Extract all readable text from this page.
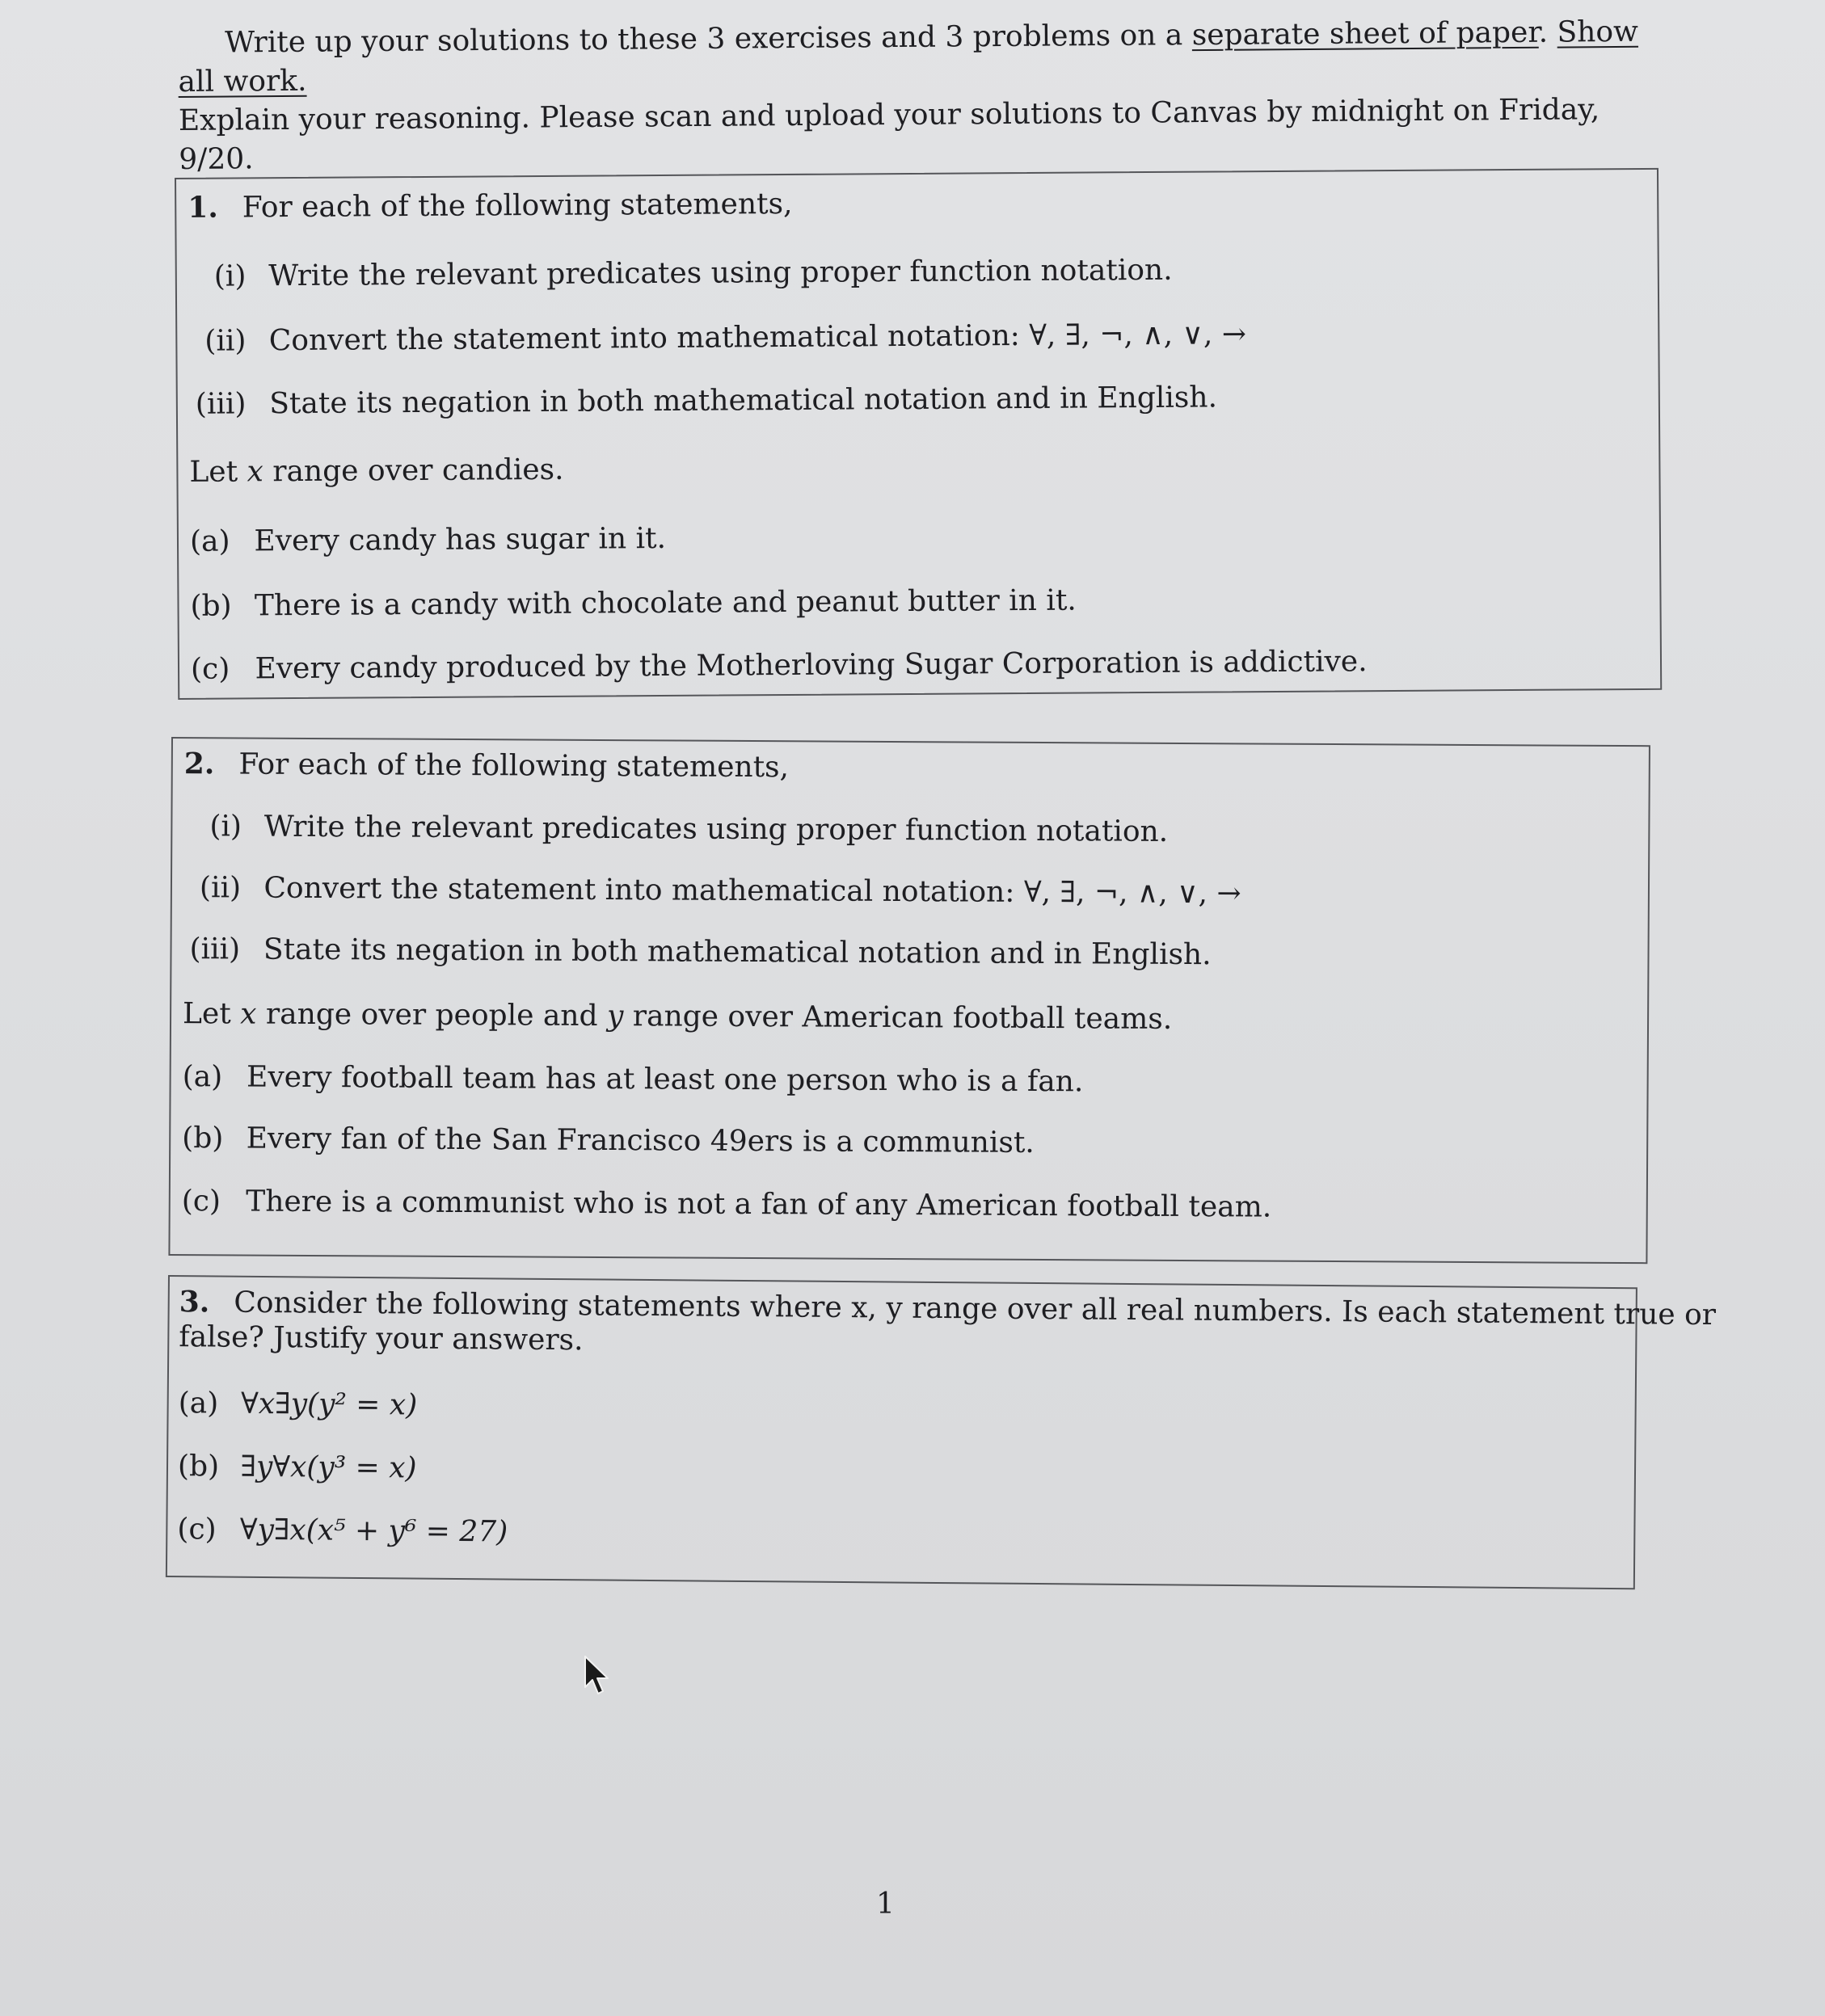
Write up your solutions to these 3 exercises and 3 problems on a separate sheet of paper. Show all work.
Explain your reasoning. Please scan and upload your solutions to Canvas by midnight on Friday, 9/20.
1. For each of the following statements,
(i) Write the relevant predicates using proper function notation.
(ii) Convert the statement into mathematical notation: ∀, ∃, ¬, ∧, ∨, →
(iii) State its negation in both mathematical notation and in English.
Let x range over candies.
(a) Every candy has sugar in it.
(b) There is a candy with chocolate and peanut butter in it.
(c) Every candy produced by the Motherloving Sugar Corporation is addictive.
2. For each of the following statements,
(i) Write the relevant predicates using proper function notation.
(ii) Convert the statement into mathematical notation: ∀, ∃, ¬, ∧, ∨, →
(iii) State its negation in both mathematical notation and in English.
Let x range over people and y range over American football teams.
(a) Every football team has at least one person who is a fan.
(b) Every fan of the San Francisco 49ers is a communist.
(c) There is a communist who is not a fan of any American football team.
3. Consider the following statements where x, y range over all real numbers. Is each statement true or
false? Justify your answers.
(a) ∀x∃y(y² = x)
(b) ∃y∀x(y³ = x)
(c) ∀y∃x(x⁵ + y⁶ = 27)
1
